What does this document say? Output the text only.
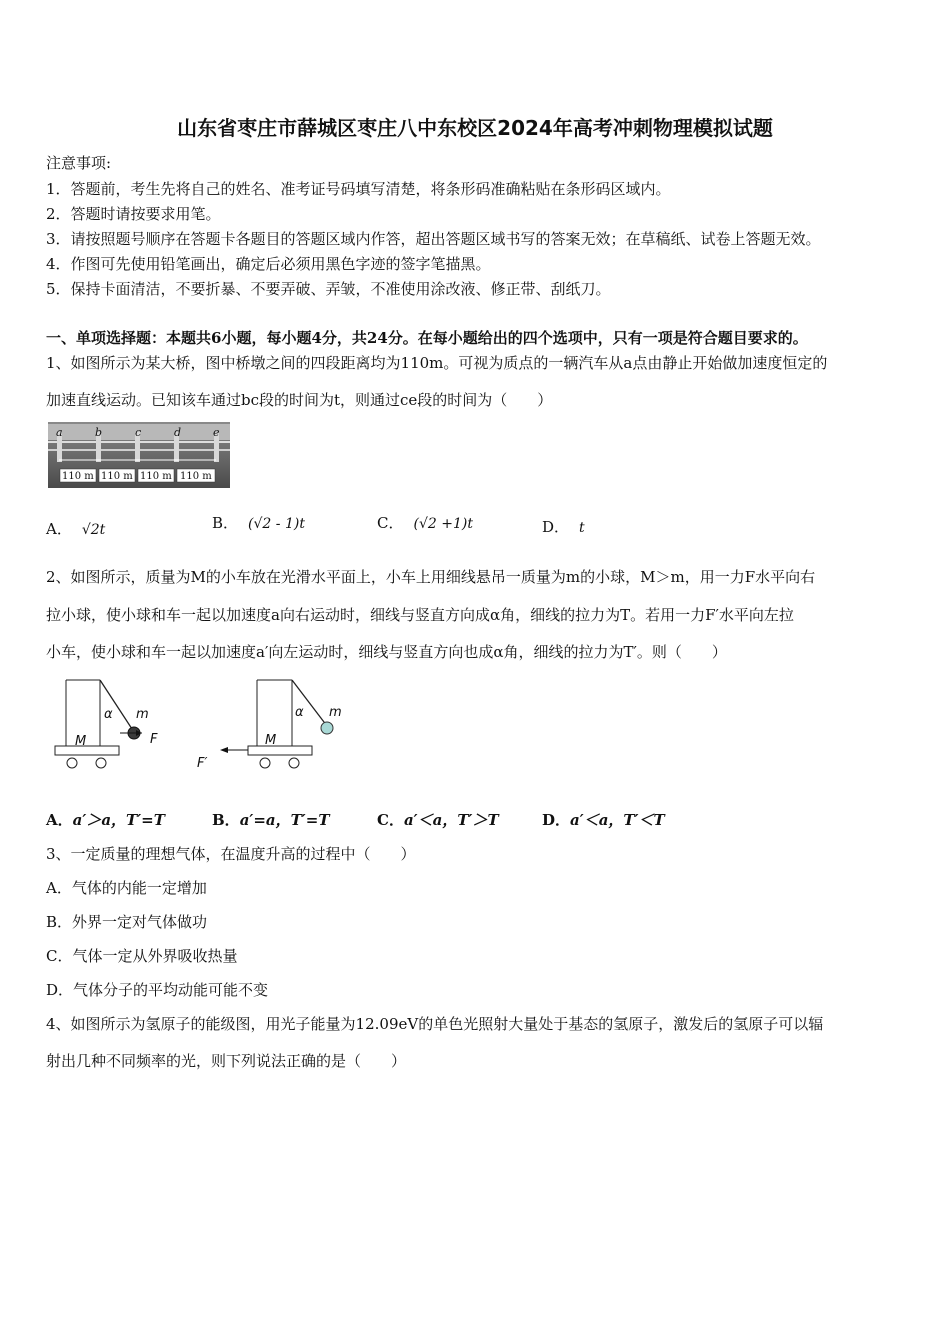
山东省枣庄市薛城区枣庄八中东校区2024年高考冲刺物理模拟试题
注意事项:
1．答题前，考生先将自己的姓名、准考证号码填写清楚，将条形码准确粘贴在条形码区域内。
2．答题时请按要求用笔。
3．请按照题号顺序在答题卡各题目的答题区域内作答，超出答题区域书写的答案无效；在草稿纸、试卷上答题无效。
4．作图可先使用铅笔画出，确定后必须用黑色字迹的签字笔描黑。
5．保持卡面清洁，不要折暴、不要弄破、弄皱，不准使用涂改液、修正带、刮纸刀。
一、单项选择题：本题共6小题，每小题4分，共24分。在每小题给出的四个选项中，只有一项是符合题目要求的。
1、如图所示为某大桥，图中桥墩之间的四段距离均为110m。可视为质点的一辆汽车从a点由静止开始做加速度恒定的
加速直线运动。已知该车通过bc段的时间为t，则通过ce段的时间为（　　）
a	b	c	d	e
110 m 110 m 110 m 110 m
A． √2t	B． (√2 - 1)t	C． (√2 +1)t	D． t
2、如图所示，质量为M的小车放在光滑水平面上，小车上用细线悬吊一质量为m的小球，M＞m，用一力F水平向右
拉小球，使小球和车一起以加速度a向右运动时，细线与竖直方向成α角，细线的拉力为T。若用一力F′水平向左拉
小车，使小球和车一起以加速度a′向左运动时，细线与竖直方向也成α角，细线的拉力为T′。则（　　）
α m
M	F
α m
M
F′
A．a′＞a，T′=T	B．a′=a，T′=T	C．a′＜a，T′＞T	D．a′＜a，T′＜T
3、一定质量的理想气体，在温度升高的过程中（　　）
A．气体的内能一定增加
B．外界一定对气体做功
C．气体一定从外界吸收热量
D．气体分子的平均动能可能不变
4、如图所示为氢原子的能级图，用光子能量为12.09eV的单色光照射大量处于基态的氢原子，激发后的氢原子可以辐
射出几种不同频率的光，则下列说法正确的是（　　）
